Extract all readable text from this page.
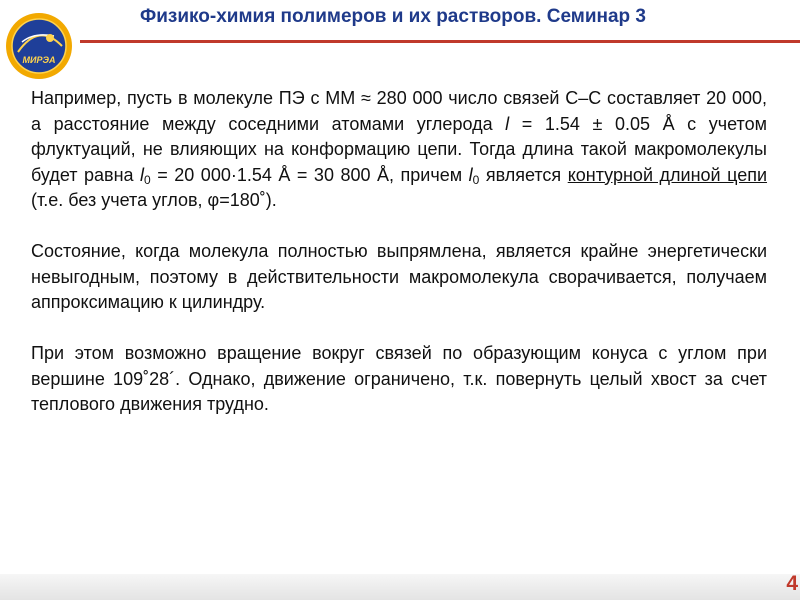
МИРЭА
Физико-химия полимеров и их растворов. Семинар 3

Например, пусть в молекуле ПЭ с ММ ≈ 280 000 число связей С–С составляет 20 000, а расстояние между соседними атомами углерода l = 1.54 ± 0.05 Å с учетом флуктуаций, не влияющих на конформацию цепи. Тогда длина такой макромолекулы будет равна $l_0 = 20$ 000·1.54 Å = 30 800 Å, причем $l_0$ является контурной длиной цепи (т.е. без учета углов, φ=180˚).

Состояние, когда молекула полностью выпрямлена, является крайне энергетически невыгодным, поэтому в действительности макромолекула сворачивается, получаем аппроксимацию к цилиндру.

При этом возможно вращение вокруг связей по образующим конуса с углом при вершине 109˚28´. Однако, движение ограничено, т.к. повернуть целый хвост за счет теплового движения трудно.

4
